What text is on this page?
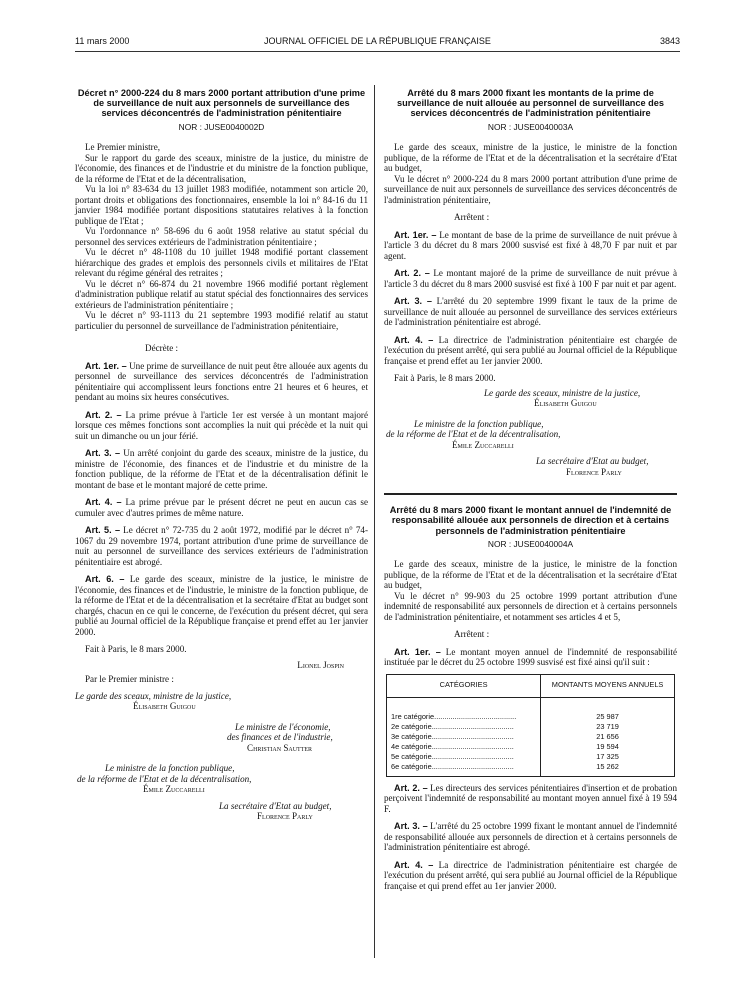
11 mars 2000	JOURNAL OFFICIEL DE LA RÉPUBLIQUE FRANÇAISE	3843
Décret n° 2000-224 du 8 mars 2000 portant attribution d'une prime de surveillance de nuit aux personnels de surveillance des services déconcentrés de l'administration pénitentiaire
NOR : JUSE0040002D

Le Premier ministre,

Sur le rapport du garde des sceaux, ministre de la justice, du ministre de l'économie, des finances et de l'industrie et du ministre de la fonction publique, de la réforme de l'Etat et de la décentralisation,

Vu la loi n° 83-634 du 13 juillet 1983 modifiée, notamment son article 20, portant droits et obligations des fonctionnaires, ensemble la loi n° 84-16 du 11 janvier 1984 modifiée portant dispositions statutaires relatives à la fonction publique de l'Etat ;

Vu l'ordonnance n° 58-696 du 6 août 1958 relative au statut spécial du personnel des services extérieurs de l'administration pénitentiaire ;

Vu le décret n° 48-1108 du 10 juillet 1948 modifié portant classement hiérarchique des grades et emplois des personnels civils et militaires de l'Etat relevant du régime général des retraites ;

Vu le décret n° 66-874 du 21 novembre 1966 modifié portant règlement d'administration publique relatif au statut spécial des fonctionnaires des services extérieurs de l'administration pénitentiaire ;

Vu le décret n° 93-1113 du 21 septembre 1993 modifié relatif au statut particulier du personnel de surveillance de l'administration pénitentiaire,

Décrète :

Art. 1er. – Une prime de surveillance de nuit peut être allouée aux agents du personnel de surveillance des services déconcentrés de l'administration pénitentiaire qui accomplissent leurs fonctions entre 21 heures et 6 heures, et pendant au moins six heures consécutives.

Art. 2. – La prime prévue à l'article 1er est versée à un montant majoré lorsque ces mêmes fonctions sont accomplies la nuit qui précède et la nuit qui suit un dimanche ou un jour férié.

Art. 3. – Un arrêté conjoint du garde des sceaux, ministre de la justice, du ministre de l'économie, des finances et de l'industrie et du ministre de la fonction publique, de la réforme de l'Etat et de la décentralisation définit le montant de base et le montant majoré de cette prime.

Art. 4. – La prime prévue par le présent décret ne peut en aucun cas se cumuler avec d'autres primes de même nature.

Art. 5. – Le décret n° 72-735 du 2 août 1972, modifié par le décret n° 74-1067 du 29 novembre 1974, portant attribution d'une prime de surveillance de nuit au personnel de surveillance des services extérieurs de l'administration pénitentiaire est abrogé.

Art. 6. – Le garde des sceaux, ministre de la justice, le ministre de l'économie, des finances et de l'industrie, le ministre de la fonction publique, de la réforme de l'Etat et de la décentralisation et la secrétaire d'Etat au budget sont chargés, chacun en ce qui le concerne, de l'exécution du présent décret, qui sera publié au Journal officiel de la République française et prend effet au 1er janvier 2000.

Fait à Paris, le 8 mars 2000.

Lionel Jospin

Par le Premier ministre :

Le garde des sceaux, ministre de la justice,
Élisabeth Guigou
Le ministre de l'économie,
des finances et de l'industrie,
Christian Sautter
Le ministre de la fonction publique,
de la réforme de l'Etat et de la décentralisation,
Émile Zuccarelli
La secrétaire d'Etat au budget,
Florence Parly
Arrêté du 8 mars 2000 fixant les montants de la prime de surveillance de nuit allouée au personnel de surveillance des services déconcentrés de l'administration pénitentiaire
NOR : JUSE0040003A

Le garde des sceaux, ministre de la justice, le ministre de la fonction publique, de la réforme de l'Etat et de la décentralisation et la secrétaire d'Etat au budget,

Vu le décret n° 2000-224 du 8 mars 2000 portant attribution d'une prime de surveillance de nuit aux personnels de surveillance des services déconcentrés de l'administration pénitentiaire,

Arrêtent :

Art. 1er. – Le montant de base de la prime de surveillance de nuit prévue à l'article 3 du décret du 8 mars 2000 susvisé est fixé à 48,70 F par nuit et par agent.

Art. 2. – Le montant majoré de la prime de surveillance de nuit prévue à l'article 3 du décret du 8 mars 2000 susvisé est fixé à 100 F par nuit et par agent.

Art. 3. – L'arrêté du 20 septembre 1999 fixant le taux de la prime de surveillance de nuit allouée au personnel de surveillance des services extérieurs de l'administration pénitentiaire est abrogé.

Art. 4. – La directrice de l'administration pénitentiaire est chargée de l'exécution du présent arrêté, qui sera publié au Journal officiel de la République française et prend effet au 1er janvier 2000.

Fait à Paris, le 8 mars 2000.

Le garde des sceaux, ministre de la justice,
Élisabeth Guigou
Le ministre de la fonction publique,
de la réforme de l'Etat et de la décentralisation,
Émile Zuccarelli
La secrétaire d'Etat au budget,
Florence Parly
Arrêté du 8 mars 2000 fixant le montant annuel de l'indemnité de responsabilité allouée aux personnels de direction et à certains personnels de l'administration pénitentiaire
NOR : JUSE0040004A

Le garde des sceaux, ministre de la justice, le ministre de la fonction publique, de la réforme de l'Etat et de la décentralisation et la secrétaire d'Etat au budget,

Vu le décret n° 99-903 du 25 octobre 1999 portant attribution d'une indemnité de responsabilité aux personnels de direction et à certains personnels de l'administration pénitentiaire, et notamment ses articles 4 et 5,

Arrêtent :

Art. 1er. – Le montant moyen annuel de l'indemnité de responsabilité instituée par le décret du 25 octobre 1999 susvisé est fixé ainsi qu'il suit :

CATÉGORIES	MONTANTS MOYENS ANNUELS
1re catégorie........................................	25 987
2e catégorie........................................	23 719
3e catégorie........................................	21 656
4e catégorie........................................	19 594
5e catégorie........................................	17 325
6e catégorie........................................	15 262

Art. 2. – Les directeurs des services pénitentiaires d'insertion et de probation perçoivent l'indemnité de responsabilité au montant moyen annuel fixé à 19 594 F.

Art. 3. – L'arrêté du 25 octobre 1999 fixant le montant annuel de l'indemnité de responsabilité allouée aux personnels de direction et à certains personnels de l'administration pénitentiaire est abrogé.

Art. 4. – La directrice de l'administration pénitentiaire est chargée de l'exécution du présent arrêté, qui sera publié au Journal officiel de la République française et qui prend effet au 1er janvier 2000.
